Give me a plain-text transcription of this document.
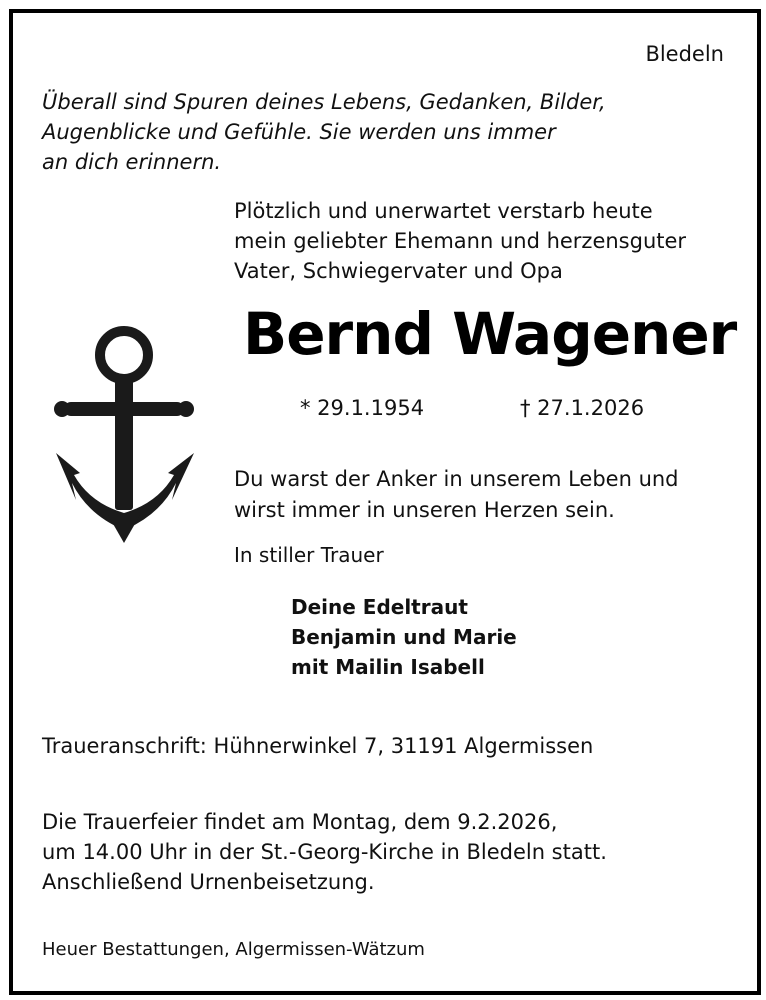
Bledeln
Überall sind Spuren deines Lebens, Gedanken, Bilder,
Augenblicke und Gefühle. Sie werden uns immer
an dich erinnern.
Plötzlich und unerwartet verstarb heute
mein geliebter Ehemann und herzensguter
Vater, Schwiegervater und Opa
Bernd Wagener
* 29.1.1954	† 27.1.2026
Du warst der Anker in unserem Leben und
wirst immer in unseren Herzen sein.
In stiller Trauer
Deine Edeltraut
Benjamin und Marie
mit Mailin Isabell
Traueranschrift: Hühnerwinkel 7, 31191 Algermissen
Die Trauerfeier findet am Montag, dem 9.2.2026,
um 14.00 Uhr in der St.-Georg-Kirche in Bledeln statt.
Anschließend Urnenbeisetzung.
Heuer Bestattungen, Algermissen-Wätzum
